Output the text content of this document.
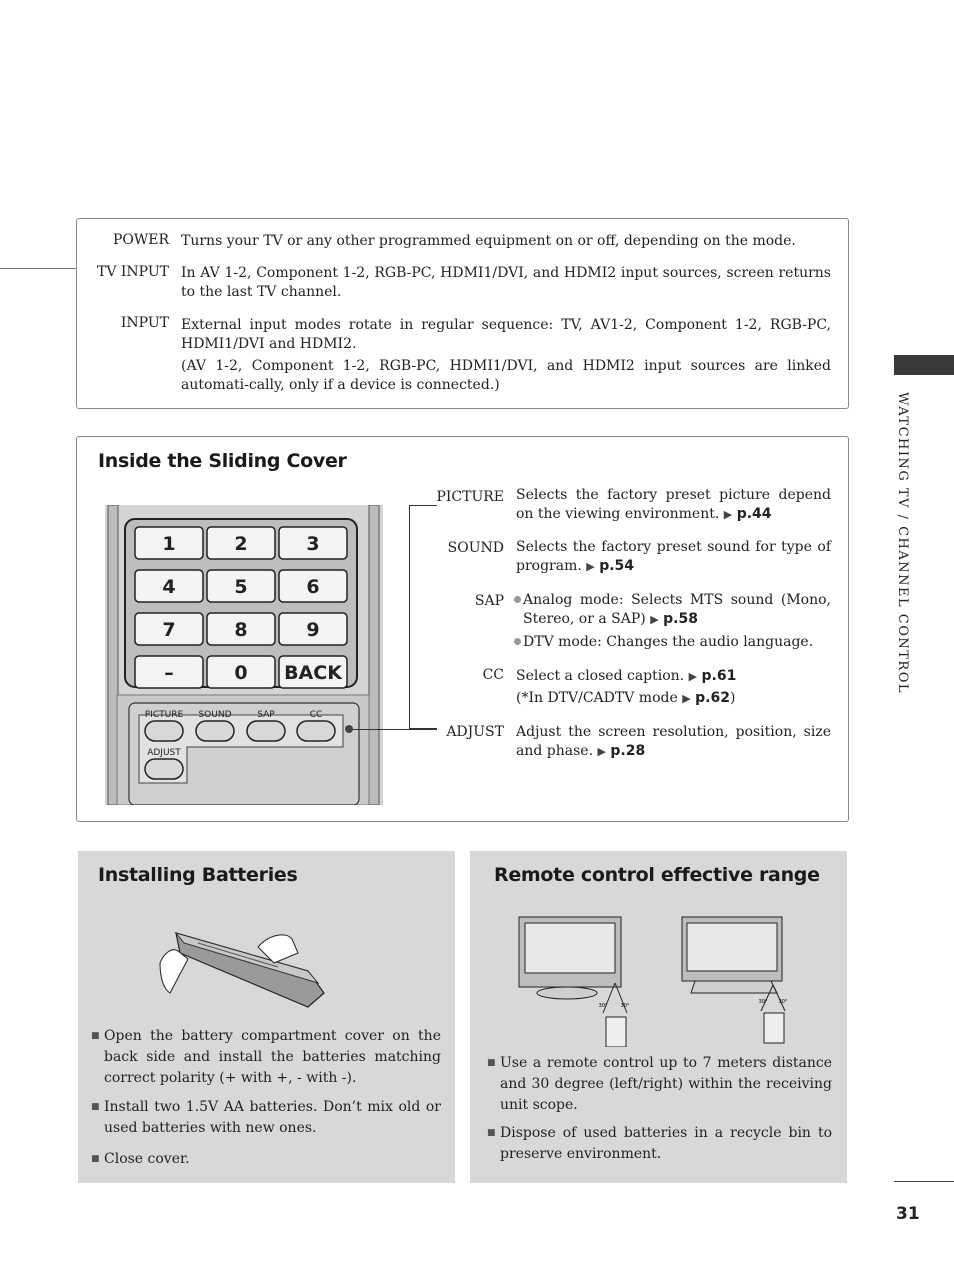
WATCHING TV / CHANNEL CONTROL
31
POWER Turns your TV or any other programmed equipment on or off, depending on the mode.
TV INPUT In AV 1-2, Component 1-2, RGB-PC, HDMI1/DVI, and HDMI2 input sources, screen returns to the last TV channel.
INPUT External input modes rotate in regular sequence: TV, AV1-2, Component 1-2, RGB-PC, HDMI1/DVI and HDMI2.
(AV 1-2, Component 1-2, RGB-PC, HDMI1/DVI, and HDMI2 input sources are linked automati-cally, only if a device is connected.)
Inside the Sliding Cover
1	2	3
4	5	6
7	8	9
–	0 BACK
PICTURE SOUND	SAP	CC
ADJUST
PICTURE Selects the factory preset picture depend on the viewing environment. ▶ p.44
SOUND Selects the factory preset sound for type of program. ▶ p.54
SAP	Analog mode: Selects MTS sound (Mono, Stereo, or a SAP) ▶ p.58
DTV mode: Changes the audio language.
CC Select a closed caption. ▶ p.61
(*In DTV/CADTV mode ▶ p.62)
ADJUST Adjust the screen resolution, position, size and phase. ▶ p.28
Installing Batteries
■ Open the battery compartment cover on the back side and install the batteries matching correct polarity (+ with +, - with -).
■ Install two 1.5V AA batteries. Don’t mix old or used batteries with new ones.
■ Close cover.
Remote control effective range
30°	30°
30° 30°
■ Use a remote control up to 7 meters distance and 30 degree (left/right) within the receiving unit scope.
■ Dispose of used batteries in a recycle bin to preserve environment.
